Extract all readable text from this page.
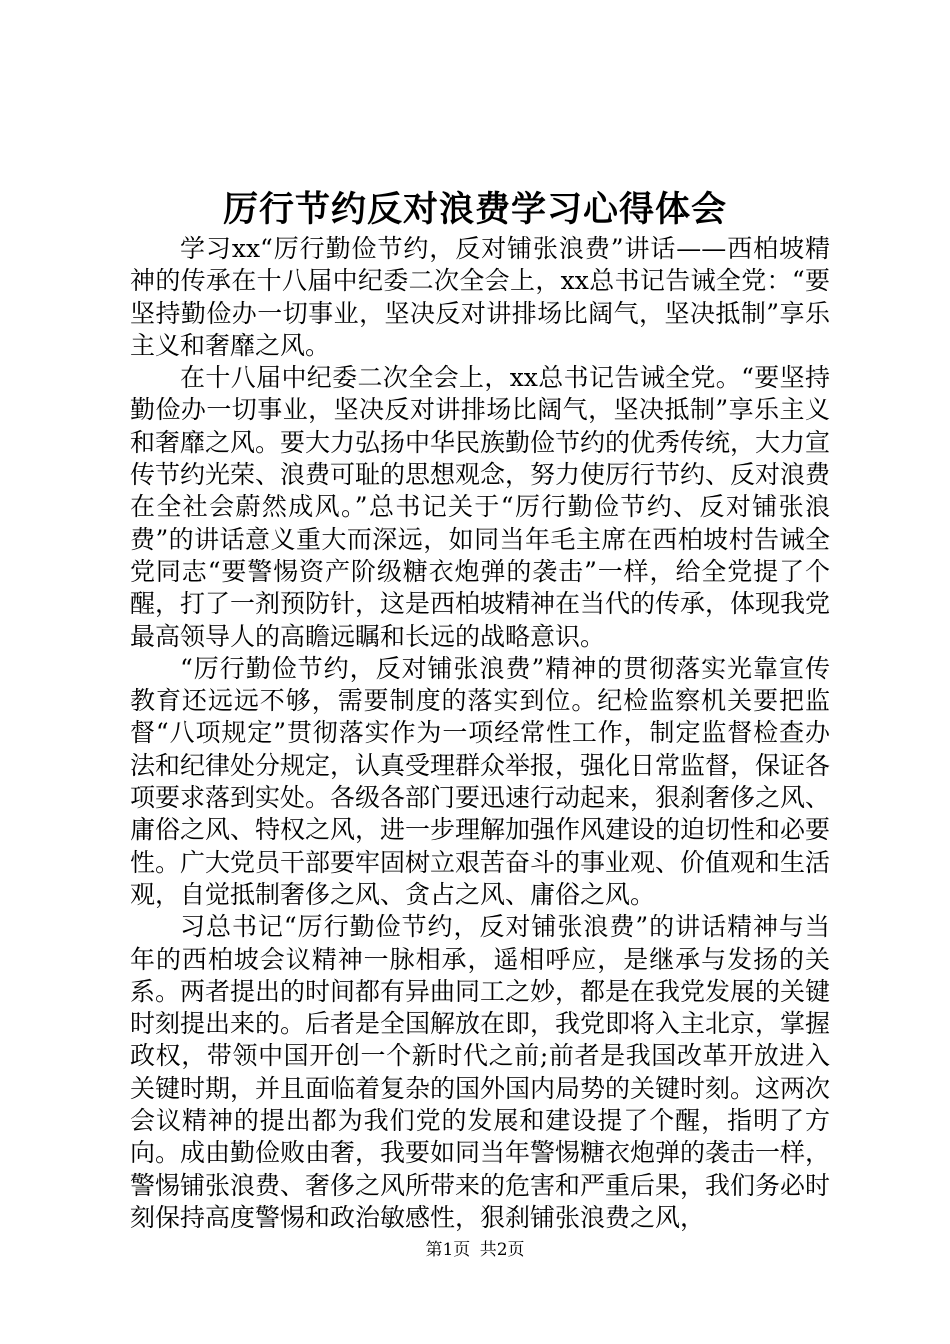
厉行节约反对浪费学习心得体会

学习xx“厉行勤俭节约，反对铺张浪费”讲话——西柏坡精神的传承在十八届中纪委二次全会上，xx总书记告诫全党：“要坚持勤俭办一切事业，坚决反对讲排场比阔气，坚决抵制”享乐主义和奢靡之风。

在十八届中纪委二次全会上，xx总书记告诫全党。“要坚持勤俭办一切事业，坚决反对讲排场比阔气，坚决抵制”享乐主义和奢靡之风。要大力弘扬中华民族勤俭节约的优秀传统，大力宣传节约光荣、浪费可耻的思想观念，努力使厉行节约、反对浪费在全社会蔚然成风。”总书记关于“厉行勤俭节约、反对铺张浪费”的讲话意义重大而深远，如同当年毛主席在西柏坡村告诫全党同志“要警惕资产阶级糖衣炮弹的袭击”一样，给全党提了个醒，打了一剂预防针，这是西柏坡精神在当代的传承，体现我党最高领导人的高瞻远瞩和长远的战略意识。

“厉行勤俭节约，反对铺张浪费”精神的贯彻落实光靠宣传教育还远远不够，需要制度的落实到位。纪检监察机关要把监督“八项规定”贯彻落实作为一项经常性工作，制定监督检查办法和纪律处分规定，认真受理群众举报，强化日常监督，保证各项要求落到实处。各级各部门要迅速行动起来，狠刹奢侈之风、庸俗之风、特权之风，进一步理解加强作风建设的迫切性和必要性。广大党员干部要牢固树立艰苦奋斗的事业观、价值观和生活观，自觉抵制奢侈之风、贪占之风、庸俗之风。

习总书记“厉行勤俭节约，反对铺张浪费”的讲话精神与当年的西柏坡会议精神一脉相承，遥相呼应，是继承与发扬的关系。两者提出的时间都有异曲同工之妙，都是在我党发展的关键时刻提出来的。后者是全国解放在即，我党即将入主北京，掌握政权，带领中国开创一个新时代之前;前者是我国改革开放进入关键时期，并且面临着复杂的国外国内局势的关键时刻。这两次会议精神的提出都为我们党的发展和建设提了个醒，指明了方向。成由勤俭败由奢，我要如同当年警惕糖衣炮弹的袭击一样，警惕铺张浪费、奢侈之风所带来的危害和严重后果，我们务必时刻保持高度警惕和政治敏感性，狠刹铺张浪费之风，

第1页 共2页
